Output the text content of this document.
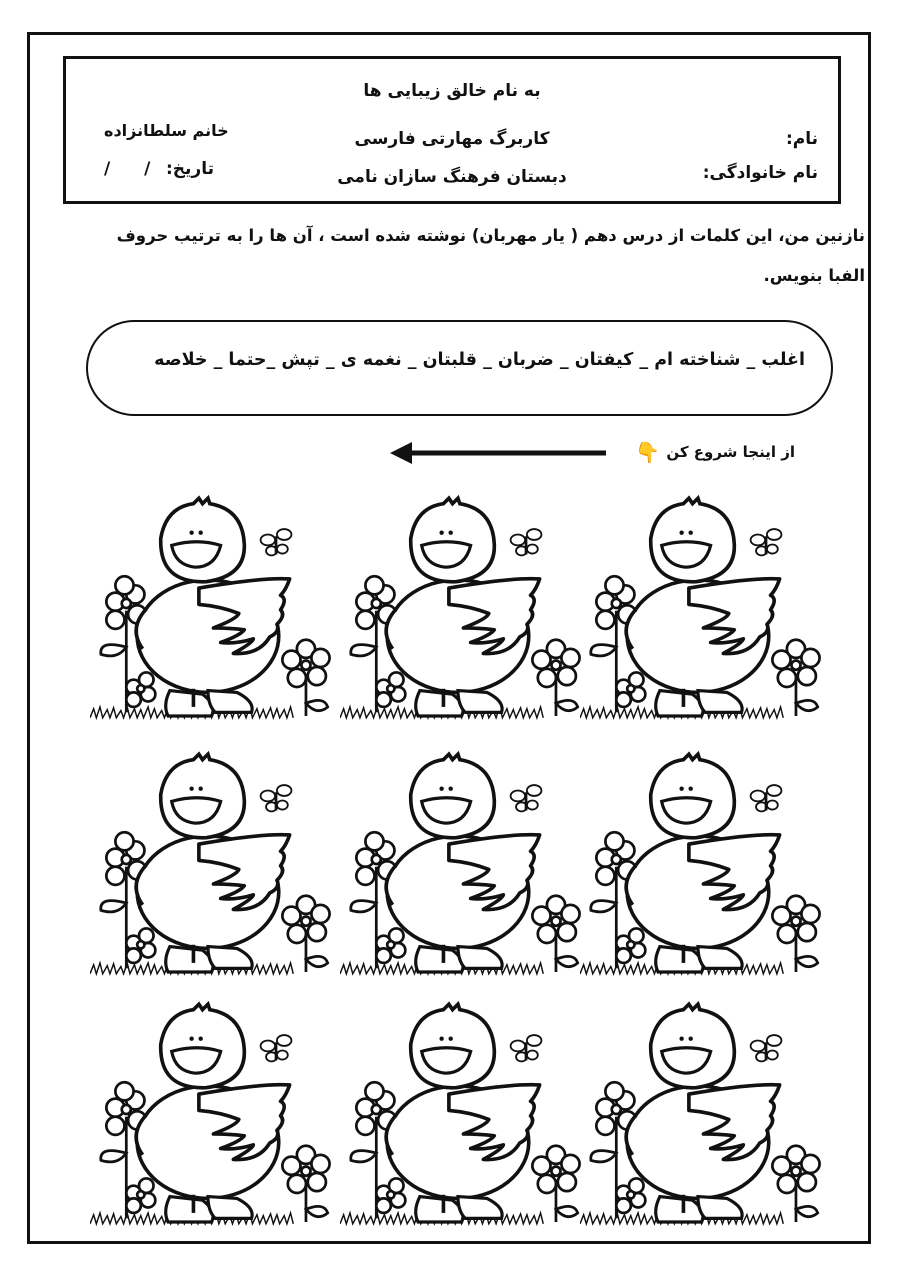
به نام خالق زیبایی ها
کاربرگ مهارتی فارسی
دبستان فرهنگ سازان نامی
نام:
نام خانوادگی:
خانم سلطانزاده
تاریخ:
/ /
نازنین من، این کلمات از درس دهم ( یار مهربان) نوشته شده است ، آن ها را به ترتیب حروف الفبا بنویس.
اغلب _ شناخته ام _ کیفتان _ ضربان _ قلبتان _ نغمه ی _ تپش _حتما _ خلاصه
از اینجا شروع کن
👇
